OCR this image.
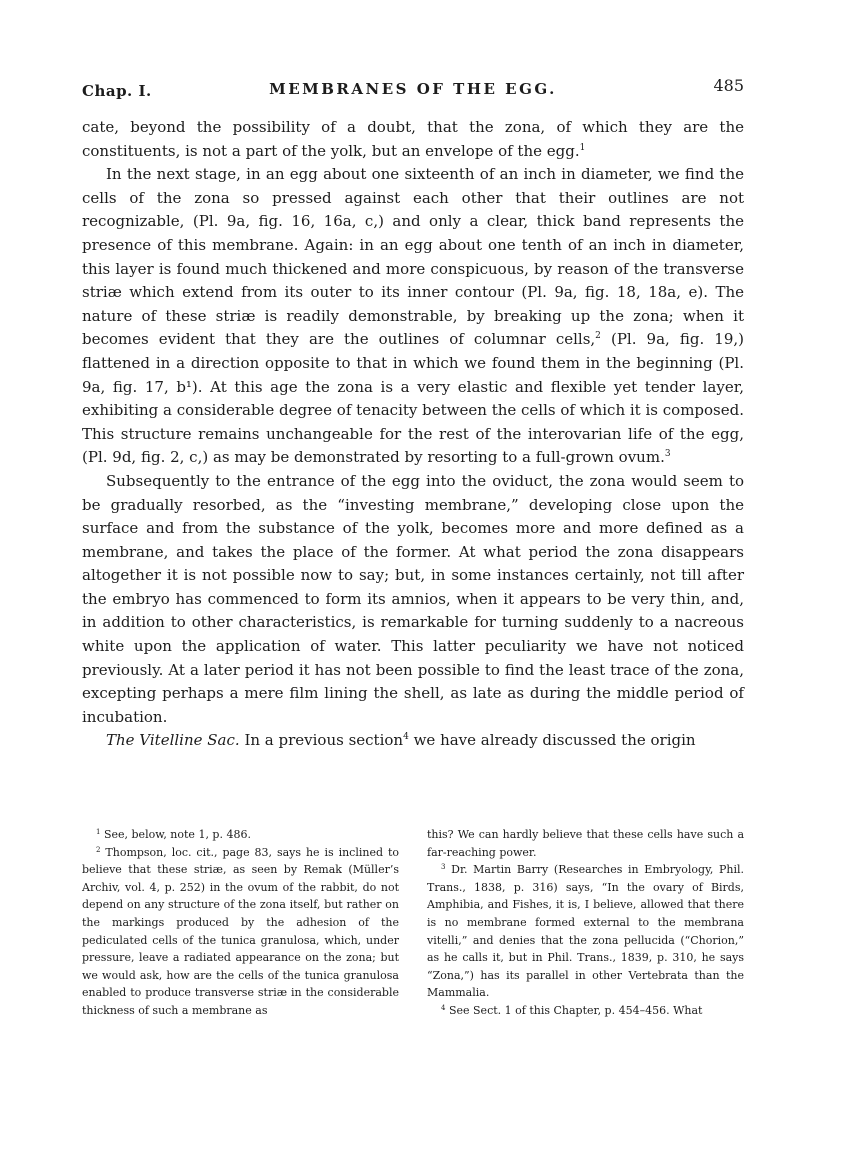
Chap. I.	MEMBRANES OF THE EGG.	485

cate, beyond the possibility of a doubt, that the zona, of which they are the constituents, is not a part of the yolk, but an envelope of the egg.$^1$

In the next stage, in an egg about one sixteenth of an inch in diameter, we find the cells of the zona so pressed against each other that their outlines are not recognizable, (Pl. 9a, fig. 16, 16a, c,) and only a clear, thick band represents the presence of this membrane. Again: in an egg about one tenth of an inch in diameter, this layer is found much thickened and more conspicuous, by reason of the transverse striæ which extend from its outer to its inner contour (Pl. 9a, fig. 18, 18a, e). The nature of these striæ is readily demonstrable, by breaking up the zona; when it becomes evident that they are the outlines of columnar cells,$^2$ (Pl. 9a, fig. 19,) flattened in a direction opposite to that in which we found them in the beginning (Pl. 9a, fig. 17, b¹). At this age the zona is a very elastic and flexible yet tender layer, exhibiting a considerable degree of tenacity between the cells of which it is composed. This structure remains unchangeable for the rest of the interovarian life of the egg, (Pl. 9d, fig. 2, c,) as may be demonstrated by resorting to a full-grown ovum.$^3$

Subsequently to the entrance of the egg into the oviduct, the zona would seem to be gradually resorbed, as the “investing membrane,” developing close upon the surface and from the substance of the yolk, becomes more and more defined as a membrane, and takes the place of the former. At what period the zona disappears altogether it is not possible now to say; but, in some instances certainly, not till after the embryo has commenced to form its amnios, when it appears to be very thin, and, in addition to other characteristics, is remarkable for turning suddenly to a nacreous white upon the application of water. This latter peculiarity we have not noticed previously. At a later period it has not been possible to find the least trace of the zona, excepting perhaps a mere film lining the shell, as late as during the middle period of incubation.

The Vitelline Sac. In a previous section$^4$ we have already discussed the origin

$^1$ See, below, note 1, p. 486.

$^2$ Thompson, loc. cit., page 83, says he is inclined to believe that these striæ, as seen by Remak (Müller’s Archiv, vol. 4, p. 252) in the ovum of the rabbit, do not depend on any structure of the zona itself, but rather on the markings produced by the adhesion of the pediculated cells of the tunica granulosa, which, under pressure, leave a radiated appearance on the zona; but we would ask, how are the cells of the tunica granulosa enabled to produce transverse striæ in the considerable thickness of such a membrane as

this? We can hardly believe that these cells have such a far-reaching power.

$^3$ Dr. Martin Barry (Researches in Embryology, Phil. Trans., 1838, p. 316) says, “In the ovary of Birds, Amphibia, and Fishes, it is, I believe, allowed that there is no membrane formed external to the membrana vitelli,” and denies that the zona pellucida (“Chorion,” as he calls it, but in Phil. Trans., 1839, p. 310, he says “Zona,”) has its parallel in other Vertebrata than the Mammalia.

$^4$ See Sect. 1 of this Chapter, p. 454–456. What
